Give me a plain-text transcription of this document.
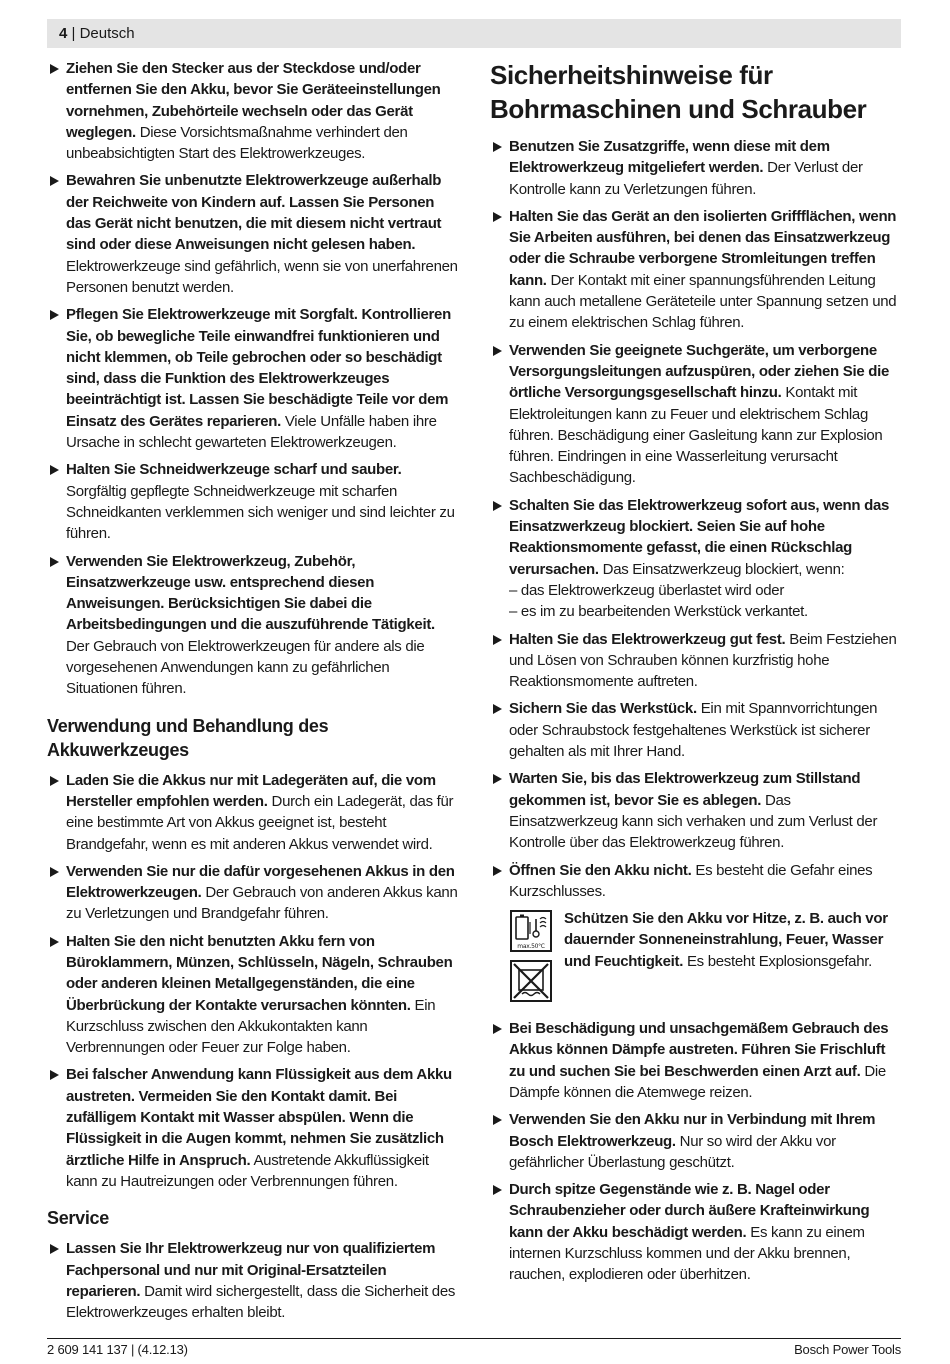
4 | Deutsch
Ziehen Sie den Stecker aus der Steckdose und/oder entfernen Sie den Akku, bevor Sie Geräteeinstellungen vornehmen, Zubehörteile wechseln oder das Gerät weglegen. Diese Vorsichtsmaßnahme verhindert den unbeabsichtigten Start des Elektrowerkzeuges.
Bewahren Sie unbenutzte Elektrowerkzeuge außerhalb der Reichweite von Kindern auf. Lassen Sie Personen das Gerät nicht benutzen, die mit diesem nicht vertraut sind oder diese Anweisungen nicht gelesen haben. Elektrowerkzeuge sind gefährlich, wenn sie von unerfahrenen Personen benutzt werden.
Pflegen Sie Elektrowerkzeuge mit Sorgfalt. Kontrollieren Sie, ob bewegliche Teile einwandfrei funktionieren und nicht klemmen, ob Teile gebrochen oder so beschädigt sind, dass die Funktion des Elektrowerkzeuges beeinträchtigt ist. Lassen Sie beschädigte Teile vor dem Einsatz des Gerätes reparieren. Viele Unfälle haben ihre Ursache in schlecht gewarteten Elektrowerkzeugen.
Halten Sie Schneidwerkzeuge scharf und sauber. Sorgfältig gepflegte Schneidwerkzeuge mit scharfen Schneidkanten verklemmen sich weniger und sind leichter zu führen.
Verwenden Sie Elektrowerkzeug, Zubehör, Einsatzwerkzeuge usw. entsprechend diesen Anweisungen. Berücksichtigen Sie dabei die Arbeitsbedingungen und die auszuführende Tätigkeit. Der Gebrauch von Elektrowerkzeugen für andere als die vorgesehenen Anwendungen kann zu gefährlichen Situationen führen.
Verwendung und Behandlung des Akkuwerkzeuges
Laden Sie die Akkus nur mit Ladegeräten auf, die vom Hersteller empfohlen werden. Durch ein Ladegerät, das für eine bestimmte Art von Akkus geeignet ist, besteht Brandgefahr, wenn es mit anderen Akkus verwendet wird.
Verwenden Sie nur die dafür vorgesehenen Akkus in den Elektrowerkzeugen. Der Gebrauch von anderen Akkus kann zu Verletzungen und Brandgefahr führen.
Halten Sie den nicht benutzten Akku fern von Büroklammern, Münzen, Schlüsseln, Nägeln, Schrauben oder anderen kleinen Metallgegenständen, die eine Überbrückung der Kontakte verursachen könnten. Ein Kurzschluss zwischen den Akkukontakten kann Verbrennungen oder Feuer zur Folge haben.
Bei falscher Anwendung kann Flüssigkeit aus dem Akku austreten. Vermeiden Sie den Kontakt damit. Bei zufälligem Kontakt mit Wasser abspülen. Wenn die Flüssigkeit in die Augen kommt, nehmen Sie zusätzlich ärztliche Hilfe in Anspruch. Austretende Akkuflüssigkeit kann zu Hautreizungen oder Verbrennungen führen.
Service
Lassen Sie Ihr Elektrowerkzeug nur von qualifiziertem Fachpersonal und nur mit Original-Ersatzteilen reparieren. Damit wird sichergestellt, dass die Sicherheit des Elektrowerkzeuges erhalten bleibt.
Sicherheitshinweise für Bohrmaschinen und Schrauber
Benutzen Sie Zusatzgriffe, wenn diese mit dem Elektrowerkzeug mitgeliefert werden. Der Verlust der Kontrolle kann zu Verletzungen führen.
Halten Sie das Gerät an den isolierten Griffflächen, wenn Sie Arbeiten ausführen, bei denen das Einsatzwerkzeug oder die Schraube verborgene Stromleitungen treffen kann. Der Kontakt mit einer spannungsführenden Leitung kann auch metallene Geräteteile unter Spannung setzen und zu einem elektrischen Schlag führen.
Verwenden Sie geeignete Suchgeräte, um verborgene Versorgungsleitungen aufzuspüren, oder ziehen Sie die örtliche Versorgungsgesellschaft hinzu. Kontakt mit Elektroleitungen kann zu Feuer und elektrischem Schlag führen. Beschädigung einer Gasleitung kann zur Explosion führen. Eindringen in eine Wasserleitung verursacht Sachbeschädigung.
Schalten Sie das Elektrowerkzeug sofort aus, wenn das Einsatzwerkzeug blockiert. Seien Sie auf hohe Reaktionsmomente gefasst, die einen Rückschlag verursachen. Das Einsatzwerkzeug blockiert, wenn:
– das Elektrowerkzeug überlastet wird oder
– es im zu bearbeitenden Werkstück verkantet.
Halten Sie das Elektrowerkzeug gut fest. Beim Festziehen und Lösen von Schrauben können kurzfristig hohe Reaktionsmomente auftreten.
Sichern Sie das Werkstück. Ein mit Spannvorrichtungen oder Schraubstock festgehaltenes Werkstück ist sicherer gehalten als mit Ihrer Hand.
Warten Sie, bis das Elektrowerkzeug zum Stillstand gekommen ist, bevor Sie es ablegen. Das Einsatzwerkzeug kann sich verhaken und zum Verlust der Kontrolle über das Elektrowerkzeug führen.
Öffnen Sie den Akku nicht. Es besteht die Gefahr eines Kurzschlusses.
max.50°C
Schützen Sie den Akku vor Hitze, z. B. auch vor dauernder Sonneneinstrahlung, Feuer, Wasser und Feuchtigkeit. Es besteht Explosionsgefahr.
Bei Beschädigung und unsachgemäßem Gebrauch des Akkus können Dämpfe austreten. Führen Sie Frischluft zu und suchen Sie bei Beschwerden einen Arzt auf. Die Dämpfe können die Atemwege reizen.
Verwenden Sie den Akku nur in Verbindung mit Ihrem Bosch Elektrowerkzeug. Nur so wird der Akku vor gefährlicher Überlastung geschützt.
Durch spitze Gegenstände wie z. B. Nagel oder Schraubenzieher oder durch äußere Krafteinwirkung kann der Akku beschädigt werden. Es kann zu einem internen Kurzschluss kommen und der Akku brennen, rauchen, explodieren oder überhitzen.
2 609 141 137 | (4.12.13)	Bosch Power Tools
